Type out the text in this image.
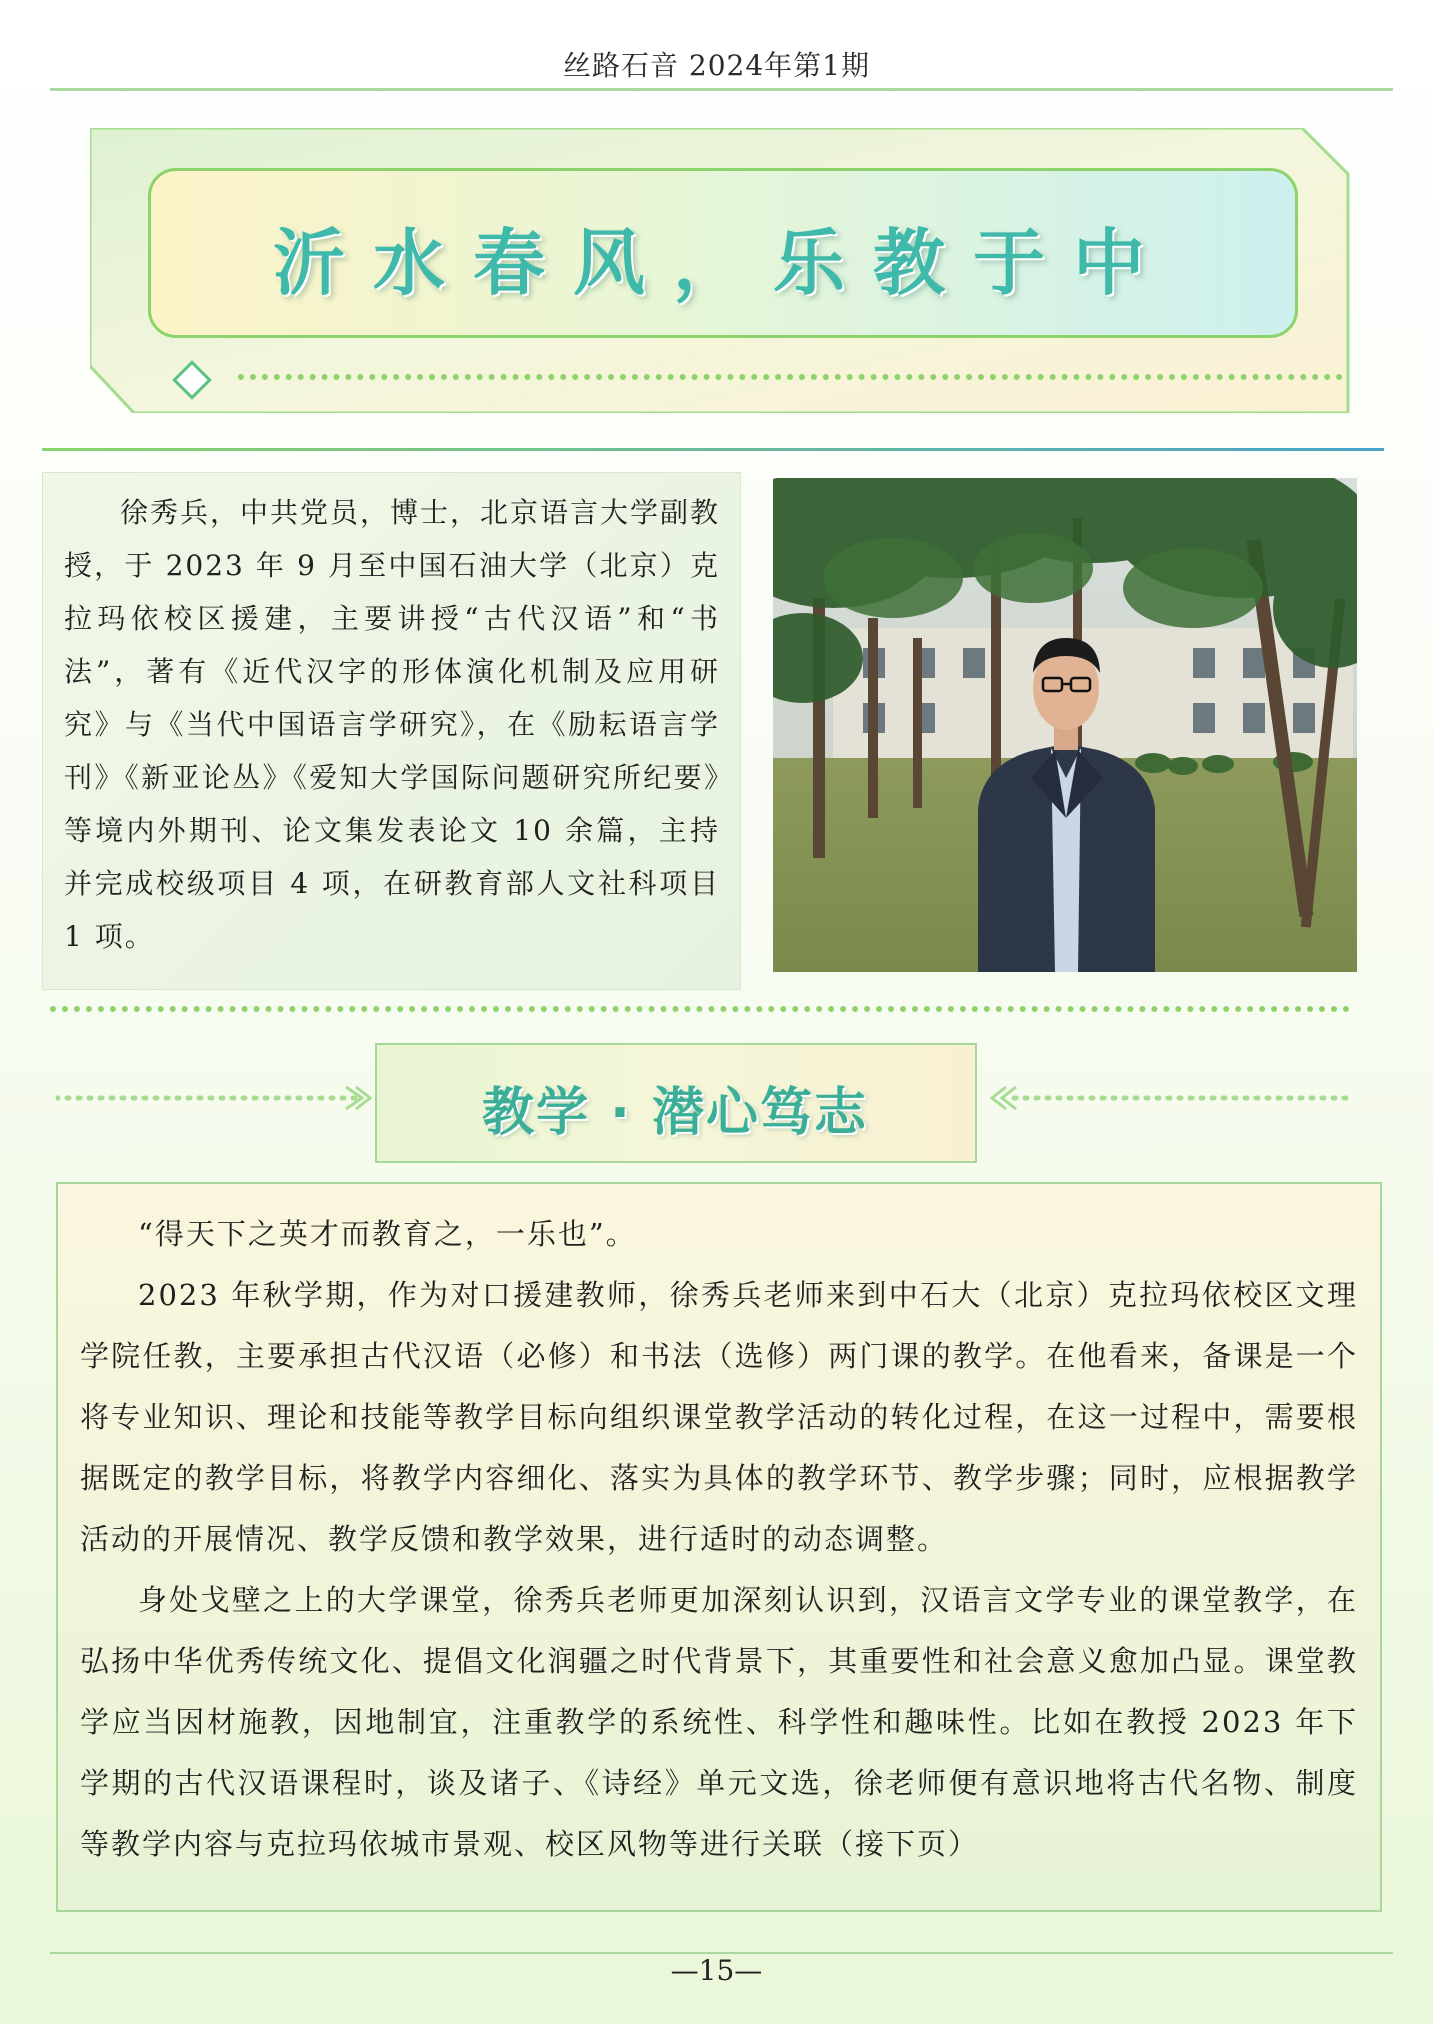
丝路石音 2024年第1期
沂水春风，乐教于中
徐秀兵，中共党员，博士，北京语言大学副教授，于 2023 年 9 月至中国石油大学（北京）克拉玛依校区援建，主要讲授“古代汉语”和“书法”，著有《近代汉字的形体演化机制及应用研究》与《当代中国语言学研究》，在《励耘语言学刊》《新亚论丛》《爱知大学国际问题研究所纪要》等境内外期刊、论文集发表论文 10 余篇，主持并完成校级项目 4 项，在研教育部人文社科项目 1 项。
教学 · 潜心笃志

“得天下之英才而教育之，一乐也”。

2023 年秋学期，作为对口援建教师，徐秀兵老师来到中石大（北京）克拉玛依校区文理学院任教，主要承担古代汉语（必修）和书法（选修）两门课的教学。在他看来，备课是一个将专业知识、理论和技能等教学目标向组织课堂教学活动的转化过程，在这一过程中，需要根据既定的教学目标，将教学内容细化、落实为具体的教学环节、教学步骤；同时，应根据教学活动的开展情况、教学反馈和教学效果，进行适时的动态调整。

身处戈壁之上的大学课堂，徐秀兵老师更加深刻认识到，汉语言文学专业的课堂教学，在弘扬中华优秀传统文化、提倡文化润疆之时代背景下，其重要性和社会意义愈加凸显。课堂教学应当因材施教，因地制宜，注重教学的系统性、科学性和趣味性。比如在教授 2023 年下学期的古代汉语课程时，谈及诸子、《诗经》单元文选，徐老师便有意识地将古代名物、制度等教学内容与克拉玛依城市景观、校区风物等进行关联（接下页）

—15—
